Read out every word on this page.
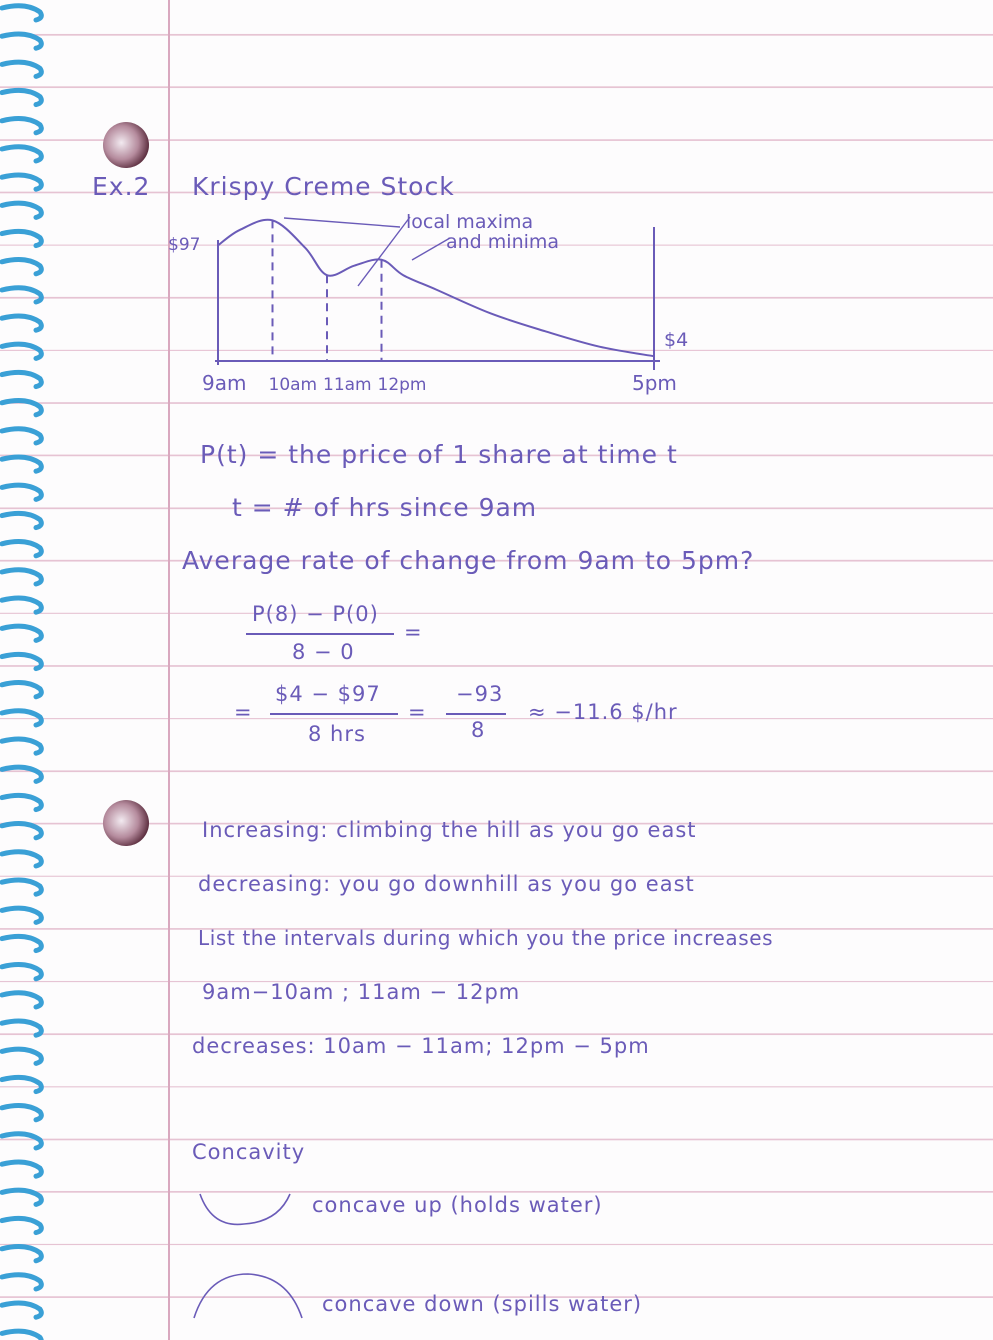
Ex.2 Krispy Creme Stock
local maxima
and minima
$97
$4
9am 10am 11am 12pm	5pm
P(t) = the price of 1 share at time t
t = # of hrs since 9am
Average rate of change from 9am to 5pm?
P(8) − P(0)
8 − 0
=
=
$4 − $97
8 hrs
=
−93
8
≈ −11.6 $/hr
Increasing: climbing the hill as you go east
decreasing: you go downhill as you go east
List the intervals during which you the price increases
9am−10am ; 11am − 12pm
decreases: 10am − 11am; 12pm − 5pm
Concavity
concave up (holds water)
concave down (spills water)
